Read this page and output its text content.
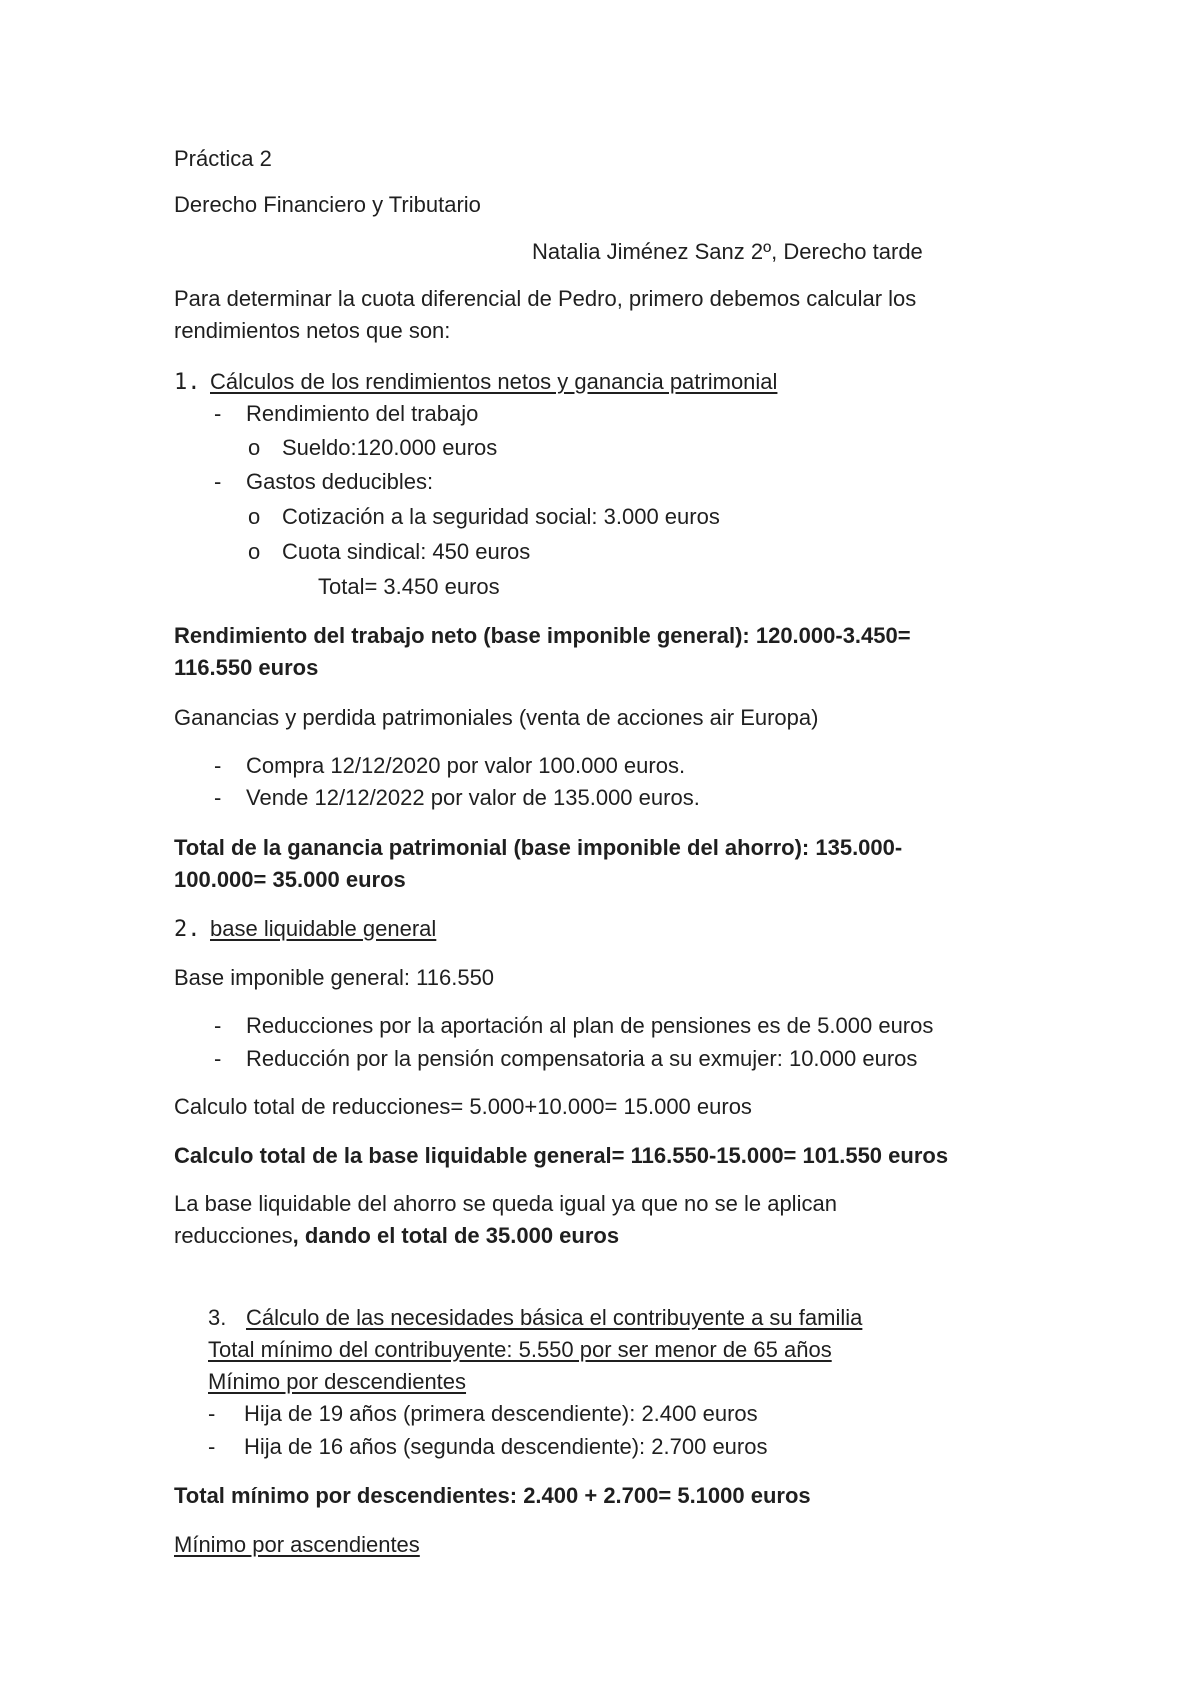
Práctica 2
Derecho Financiero y Tributario
Natalia Jiménez Sanz 2º, Derecho tarde
Para determinar la cuota diferencial de Pedro, primero debemos calcular los
rendimientos netos que son:
1. Cálculos de los rendimientos netos y ganancia patrimonial
- Rendimiento del trabajo
o Sueldo:120.000 euros
- Gastos deducibles:
o Cotización a la seguridad social: 3.000 euros
o Cuota sindical: 450 euros
Total= 3.450 euros
Rendimiento del trabajo neto (base imponible general): 120.000-3.450=
116.550 euros
Ganancias y perdida patrimoniales (venta de acciones air Europa)
- Compra 12/12/2020 por valor 100.000 euros.
- Vende 12/12/2022 por valor de 135.000 euros.
Total de la ganancia patrimonial (base imponible del ahorro): 135.000-
100.000= 35.000 euros
2. base liquidable general
Base imponible general: 116.550
- Reducciones por la aportación al plan de pensiones es de 5.000 euros
- Reducción por la pensión compensatoria a su exmujer: 10.000 euros
Calculo total de reducciones= 5.000+10.000= 15.000 euros
Calculo total de la base liquidable general= 116.550-15.000= 101.550 euros
La base liquidable del ahorro se queda igual ya que no se le aplican
reducciones, dando el total de 35.000 euros
3. Cálculo de las necesidades básica el contribuyente a su familia
Total mínimo del contribuyente: 5.550 por ser menor de 65 años
Mínimo por descendientes
- Hija de 19 años (primera descendiente): 2.400 euros
- Hija de 16 años (segunda descendiente): 2.700 euros
Total mínimo por descendientes: 2.400 + 2.700= 5.1000 euros
Mínimo por ascendientes
